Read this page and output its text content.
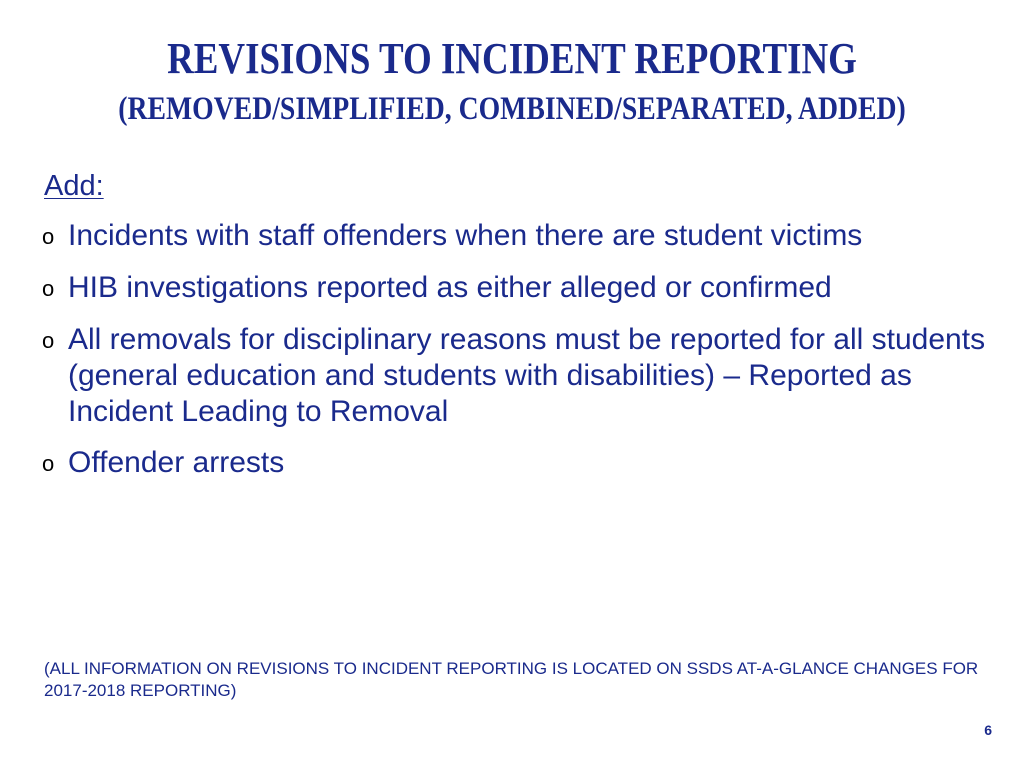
REVISIONS TO INCIDENT REPORTING
(REMOVED/SIMPLIFIED, COMBINED/SEPARATED, ADDED)
Add:
o Incidents with staff offenders when there are student victims
o HIB investigations reported as either alleged or confirmed
o All removals for disciplinary reasons must be reported for all students (general education and students with disabilities) – Reported as Incident Leading to Removal
o Offender arrests
(ALL INFORMATION ON REVISIONS TO INCIDENT REPORTING IS LOCATED ON SSDS AT-A-GLANCE CHANGES FOR 2017-2018 REPORTING)
6
